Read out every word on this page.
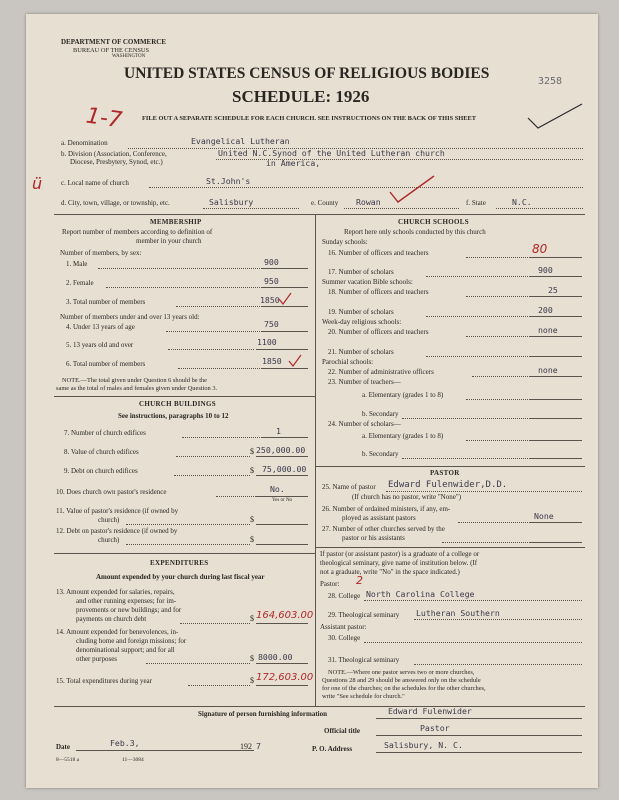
DEPARTMENT OF COMMERCE
BUREAU OF THE CENSUS
WASHINGTON
UNITED STATES CENSUS OF RELIGIOUS BODIES
SCHEDULE: 1926
FILE OUT A SEPARATE SCHEDULE FOR EACH CHURCH. SEE INSTRUCTIONS ON THE BACK OF THIS SHEET
3258
1-7
a. Denomination	Evangelical Lutheran
b. Division (Association, Conference,
Diocese, Presbytery, Synod, etc.)
United N.C.Synod of the United Lutheran church
in America,
ü	c. Local name of church	St.John's
d. City, town, village, or township, etc.	Salisbury	e. County Rowan	f. State	N.C.
MEMBERSHIP
Report number of members according to definition of
member in your church
Number of members, by sex:
1. Male	900
2. Female	950
3. Total number of members	1850
Number of members under and over 13 years old:
4. Under 13 years of age	750
5. 13 years old and over	1100
6. Total number of members	1850
NOTE.—The total given under Question 6 should be the
same as the total of males and females given under Question 3.
CHURCH BUILDINGS
See instructions, paragraphs 10 to 12
7. Number of church edifices	1
8. Value of church edifices	$ 250,000.00
9. Debt on church edifices	$ 75,000.00
10. Does church own pastor's residence	No.
Yes or No
11. Value of pastor's residence (if owned by
church)	$
12. Debt on pastor's residence (if owned by
church)	$
EXPENDITURES
Amount expended by your church during last fiscal year
13. Amount expended for salaries, repairs,
and other running expenses; for im-
provements or new buildings; and for
payments on church debt	$ 164,603.00
14. Amount expended for benevolences, in-
cluding home and foreign missions; for
denominational support; and for all
other purposes	$ 8000.00
15. Total expenditures during year	$ 172,603.00
CHURCH SCHOOLS
Report here only schools conducted by this church
Sunday schools:
16. Number of officers and teachers	80
17. Number of scholars	900
Summer vacation Bible schools:
18. Number of officers and teachers	25
19. Number of scholars	200
Week-day religious schools:
20. Number of officers and teachers	none
21. Number of scholars
Parochial schools:
22. Number of administrative officers	none
23. Number of teachers—
a. Elementary (grades 1 to 8)
b. Secondary
24. Number of scholars—
a. Elementary (grades 1 to 8)
b. Secondary
PASTOR
25. Name of pastor Edward Fulenwider,D.D.
(If church has no pastor, write "None")
26. Number of ordained ministers, if any, em-
ployed as assistant pastors	None
27. Number of other churches served by the
pastor or his assistants
If pastor (or assistant pastor) is a graduate of a college or
theological seminary, give name of institution below. (If
not a graduate, write "No" in the space indicated.)
Pastor: 2
28. College North Carolina College
29. Theological seminary Lutheran Southern
Assistant pastor:
30. College
31. Theological seminary
NOTE.—Where one pastor serves two or more churches,
Questions 28 and 29 should be answered only on the schedule
for one of the churches; on the schedules for the other churches,
write "See schedule for church."
Signature of person furnishing information	Edward Fulenwider
Official title	Pastor
Date	Feb.3,	192 7	P. O. Address	Salisbury, N. C.
8—5518 a	11—3084
